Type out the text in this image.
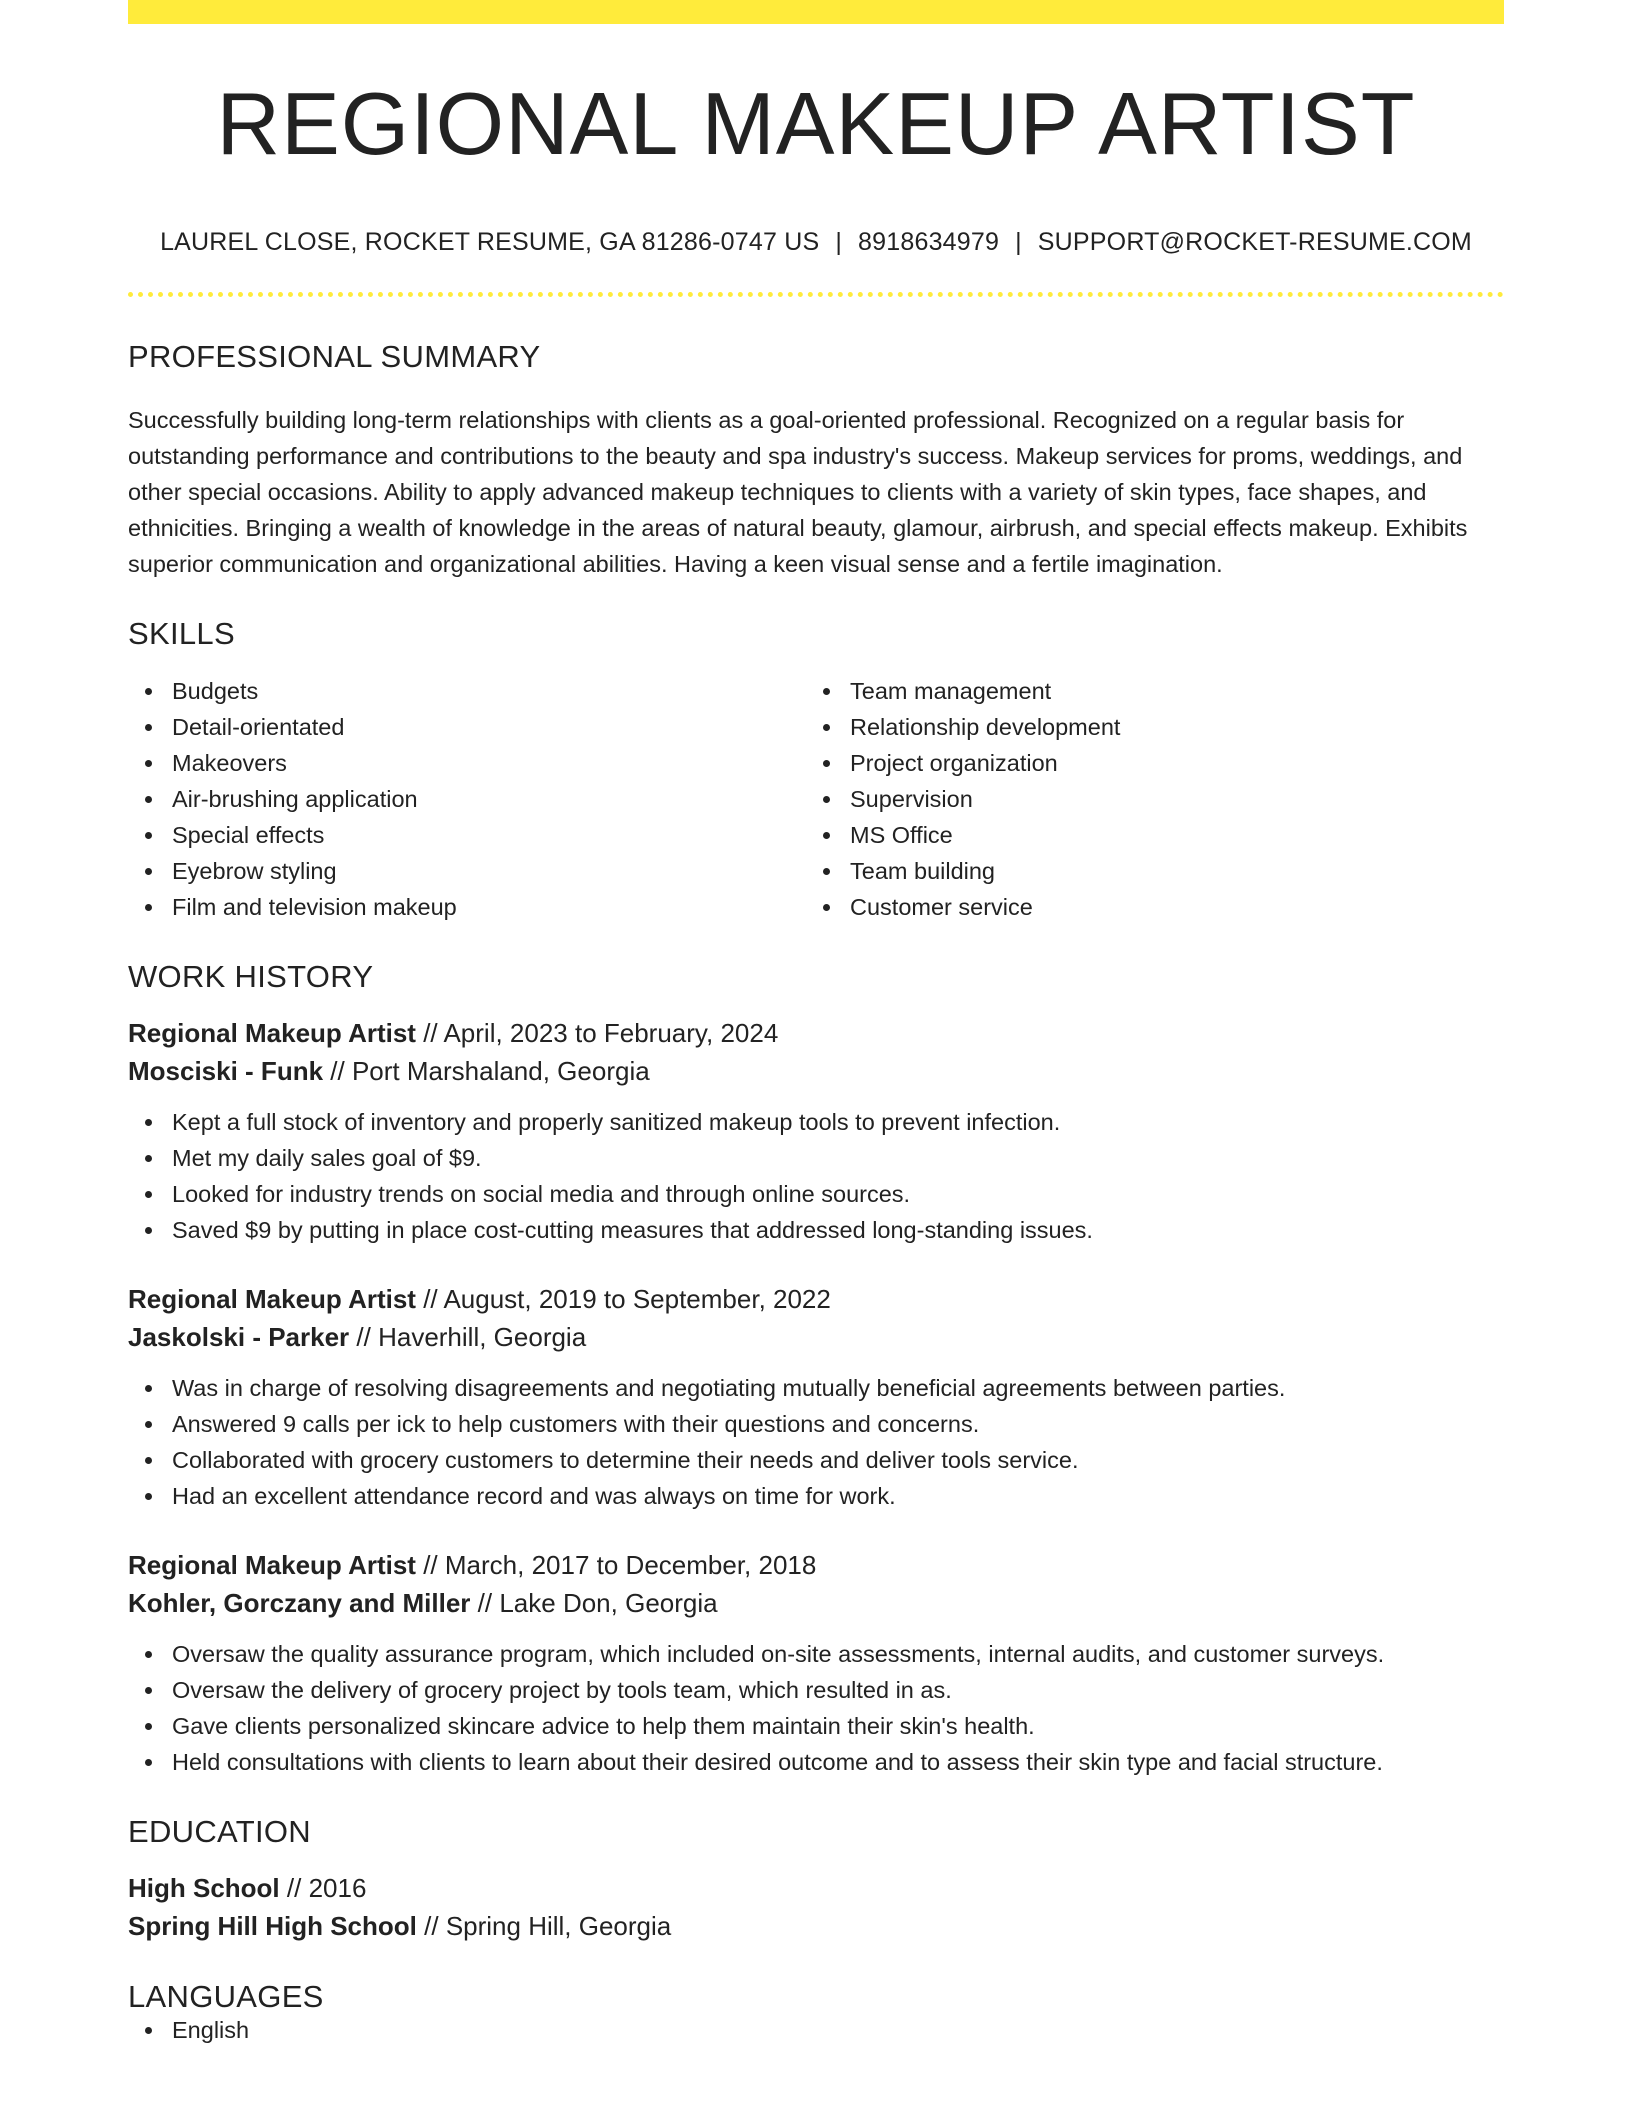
REGIONAL MAKEUP ARTIST
LAUREL CLOSE, ROCKET RESUME, GA 81286-0747 US | 8918634979 | SUPPORT@ROCKET-RESUME.COM
PROFESSIONAL SUMMARY

Successfully building long-term relationships with clients as a goal-oriented professional. Recognized on a regular basis for outstanding performance and contributions to the beauty and spa industry's success. Makeup services for proms, weddings, and other special occasions. Ability to apply advanced makeup techniques to clients with a variety of skin types, face shapes, and ethnicities. Bringing a wealth of knowledge in the areas of natural beauty, glamour, airbrush, and special effects makeup. Exhibits superior communication and organizational abilities. Having a keen visual sense and a fertile imagination.

SKILLS
Budgets
Detail-orientated
Makeovers
Air-brushing application
Special effects
Eyebrow styling
Film and television makeup
Team management
Relationship development
Project organization
Supervision
MS Office
Team building
Customer service
WORK HISTORY
Regional Makeup Artist // April, 2023 to February, 2024
Mosciski - Funk // Port Marshaland, Georgia
Kept a full stock of inventory and properly sanitized makeup tools to prevent infection.
Met my daily sales goal of $9.
Looked for industry trends on social media and through online sources.
Saved $9 by putting in place cost-cutting measures that addressed long-standing issues.
Regional Makeup Artist // August, 2019 to September, 2022
Jaskolski - Parker // Haverhill, Georgia
Was in charge of resolving disagreements and negotiating mutually beneficial agreements between parties.
Answered 9 calls per ick to help customers with their questions and concerns.
Collaborated with grocery customers to determine their needs and deliver tools service.
Had an excellent attendance record and was always on time for work.
Regional Makeup Artist // March, 2017 to December, 2018
Kohler, Gorczany and Miller // Lake Don, Georgia
Oversaw the quality assurance program, which included on-site assessments, internal audits, and customer surveys.
Oversaw the delivery of grocery project by tools team, which resulted in as.
Gave clients personalized skincare advice to help them maintain their skin's health.
Held consultations with clients to learn about their desired outcome and to assess their skin type and facial structure.
EDUCATION
High School // 2016
Spring Hill High School // Spring Hill, Georgia
LANGUAGES
English
